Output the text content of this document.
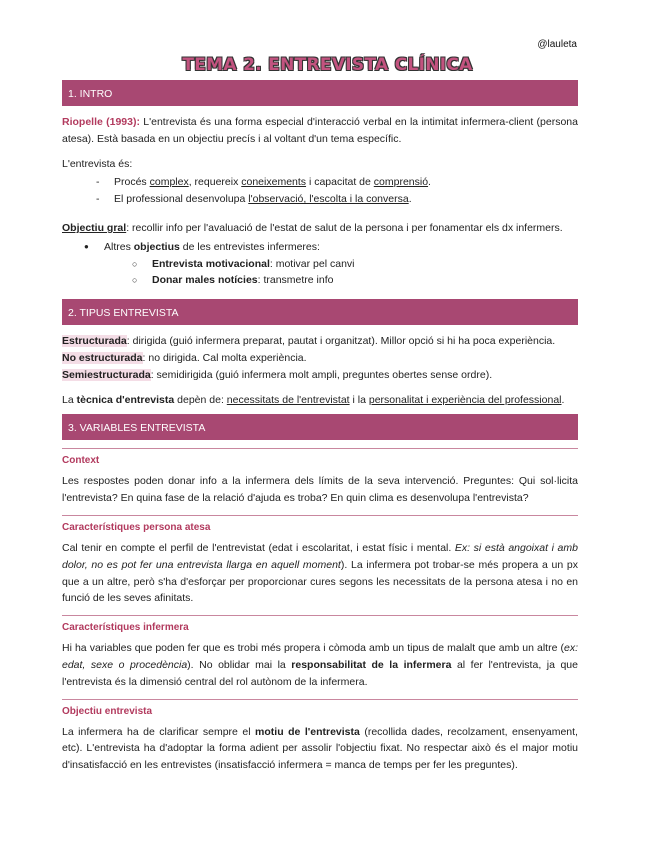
@lauleta
TEMA 2. ENTREVISTA CLÍNICA
1. INTRO

Riopelle (1993): L'entrevista és una forma especial d'interacció verbal en la intimitat infermera-client (persona atesa). Està basada en un objectiu precís i al voltant d'un tema específic.

L'entrevista és:

- Procés complex, requereix coneixements i capacitat de comprensió.
- El professional desenvolupa l'observació, l'escolta i la conversa.

Objectiu gral: recollir info per l'avaluació de l'estat de salut de la persona i per fonamentar els dx infermers.

● Altres objectius de les entrevistes infermeres:
○ Entrevista motivacional: motivar pel canvi
○ Donar males notícies: transmetre info
2. TIPUS ENTREVISTA
Estructurada: dirigida (guió infermera preparat, pautat i organitzat). Millor opció si hi ha poca experiència.
No estructurada: no dirigida. Cal molta experiència.
Semiestructurada: semidirigida (guió infermera molt ampli, preguntes obertes sense ordre).

La tècnica d'entrevista depèn de: necessitats de l'entrevistat i la personalitat i experiència del professional.

3. VARIABLES ENTREVISTA
Context

Les respostes poden donar info a la infermera dels límits de la seva intervenció. Preguntes: Qui sol·licita l'entrevista? En quina fase de la relació d'ajuda es troba? En quin clima es desenvolupa l'entrevista?

Característiques persona atesa

Cal tenir en compte el perfil de l'entrevistat (edat i escolaritat, i estat físic i mental. Ex: si està angoixat i amb dolor, no es pot fer una entrevista llarga en aquell moment). La infermera pot trobar-se més propera a un px que a un altre, però s'ha d'esforçar per proporcionar cures segons les necessitats de la persona atesa i no en funció de les seves afinitats.

Característiques infermera

Hi ha variables que poden fer que es trobi més propera i còmoda amb un tipus de malalt que amb un altre (ex: edat, sexe o procedència). No oblidar mai la responsabilitat de la infermera al fer l'entrevista, ja que l'entrevista és la dimensió central del rol autònom de la infermera.

Objectiu entrevista

La infermera ha de clarificar sempre el motiu de l'entrevista (recollida dades, recolzament, ensenyament, etc). L'entrevista ha d'adoptar la forma adient per assolir l'objectiu fixat. No respectar això és el major motiu d'insatisfacció en les entrevistes (insatisfacció infermera = manca de temps per fer les preguntes).
